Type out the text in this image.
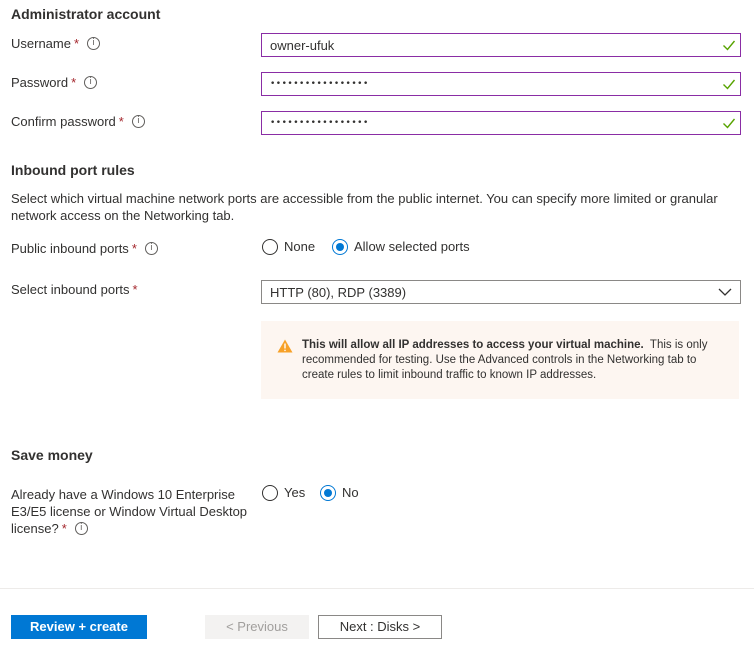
Administrator account
Username * i
owner-ufuk
Password * i
•••••••••••••••••
Confirm password * i
•••••••••••••••••
Inbound port rules
Select which virtual machine network ports are accessible from the public internet. You can specify more limited or granular network access on the Networking tab.
Public inbound ports * i	None	Allow selected ports
Select inbound ports *	HTTP (80), RDP (3389)
This will allow all IP addresses to access your virtual machine. This is only recommended for testing. Use the Advanced controls in the Networking tab to create rules to limit inbound traffic to known IP addresses.
Save money
Already have a Windows 10 Enterprise
E3/E5 license or Window Virtual Desktop
license? * i
Yes	No
Review + create	< Previous	Next : Disks >
